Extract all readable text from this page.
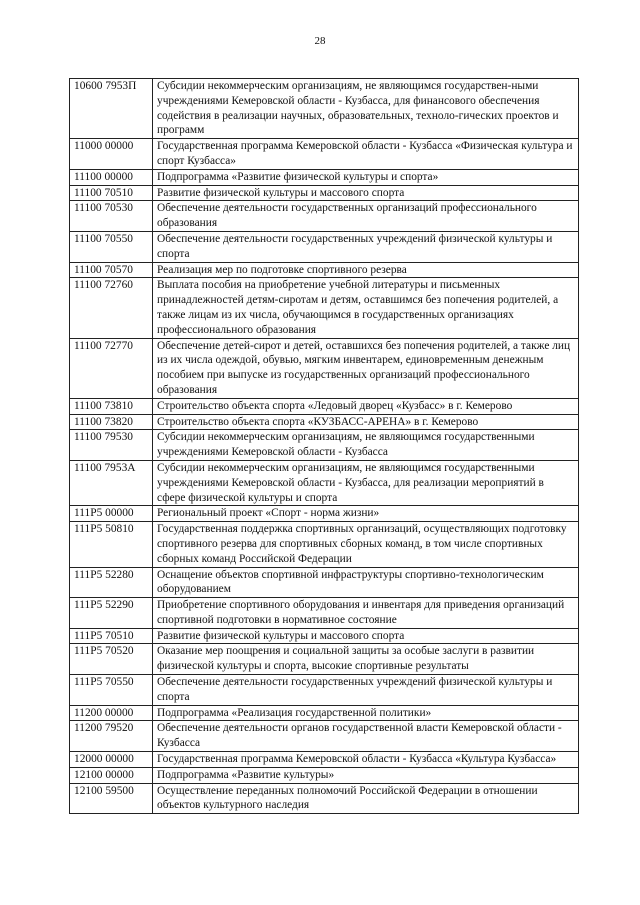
28
10600 7953П	Субсидии некоммерческим организациям, не являющимся государствен-ными учреждениями Кемеровской области - Кузбасса, для финансового обеспечения содействия в реализации научных, образовательных, техноло-гических проектов и программ
11000 00000	Государственная программа Кемеровской области - Кузбасса «Физическая культура и спорт Кузбасса»
11100 00000	Подпрограмма «Развитие физической культуры и спорта»
11100 70510	Развитие физической культуры и массового спорта
11100 70530	Обеспечение деятельности государственных организаций профессионального образования
11100 70550	Обеспечение деятельности государственных учреждений физической культуры и спорта
11100 70570	Реализация мер по подготовке спортивного резерва
11100 72760	Выплата пособия на приобретение учебной литературы и письменных принадлежностей детям-сиротам и детям, оставшимся без попечения родителей, а также лицам из их числа, обучающимся в государственных организациях профессионального образования
11100 72770	Обеспечение детей-сирот и детей, оставшихся без попечения родителей, а также лиц из их числа одеждой, обувью, мягким инвентарем, единовременным денежным пособием при выпуске из государственных организаций профессионального образования
11100 73810	Строительство объекта спорта «Ледовый дворец «Кузбасс» в г. Кемерово
11100 73820	Строительство объекта спорта «КУЗБАСС-АРЕНА» в г. Кемерово
11100 79530	Субсидии некоммерческим организациям, не являющимся государственными учреждениями Кемеровской области - Кузбасса
11100 7953А	Субсидии некоммерческим организациям, не являющимся государственными учреждениями Кемеровской области - Кузбасса, для реализации мероприятий в сфере физической культуры и спорта
111Р5 00000	Региональный проект «Спорт - норма жизни»
111Р5 50810	Государственная поддержка спортивных организаций, осуществляющих подготовку спортивного резерва для спортивных сборных команд, в том числе спортивных сборных команд Российской Федерации
111Р5 52280	Оснащение объектов спортивной инфраструктуры спортивно-технологическим оборудованием
111Р5 52290	Приобретение спортивного оборудования и инвентаря для приведения организаций спортивной подготовки в нормативное состояние
111Р5 70510	Развитие физической культуры и массового спорта
111Р5 70520	Оказание мер поощрения и социальной защиты за особые заслуги в развитии физической культуры и спорта, высокие спортивные результаты
111Р5 70550	Обеспечение деятельности государственных учреждений физической культуры и спорта
11200 00000	Подпрограмма «Реализация государственной политики»
11200 79520	Обеспечение деятельности органов государственной власти Кемеровской области - Кузбасса
12000 00000	Государственная программа Кемеровской области - Кузбасса «Культура Кузбасса»
12100 00000	Подпрограмма «Развитие культуры»
12100 59500	Осуществление переданных полномочий Российской Федерации в отношении объектов культурного наследия
